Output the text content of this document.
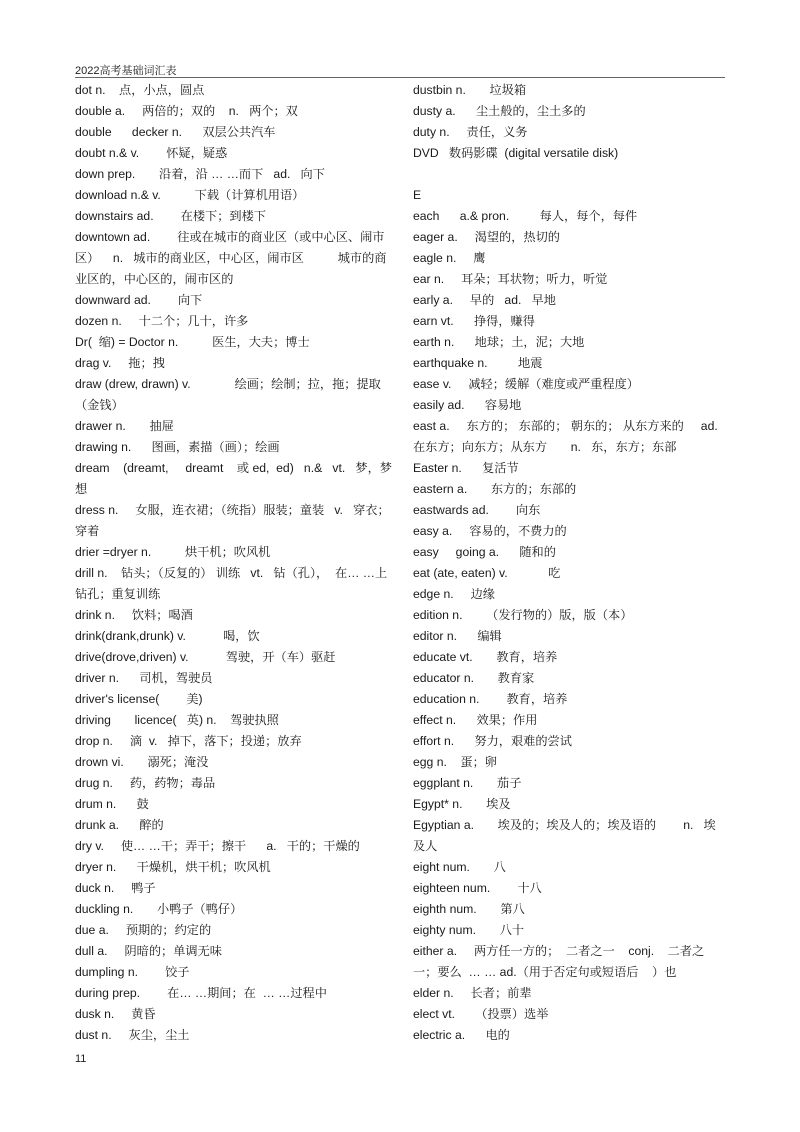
2022高考基础词汇表
dot n.    点，小点，圆点
double a.     两倍的；双的    n.   两个；双
double      decker n.      双层公共汽车
doubt n.& v.        怀疑，疑惑
down prep.       沿着，沿 … …而下   ad.   向下
download n.& v.          下载（计算机用语）
downstairs ad.        在楼下；到楼下
downtown ad.        往或在城市的商业区（或中心区、闹市区）    n.   城市的商业区，中心区，闹市区          城市的商业区的，中心区的，闹市区的
downward ad.        向下
dozen n.     十二个；几十，许多
Dr(  缩) = Doctor n.          医生，大夫；博士
drag v.     拖；拽
draw (drew, drawn) v.             绘画；绘制；拉，拖；提取（金钱）
drawer n.       抽屉
drawing n.      图画，素描（画）；绘画
dream    (dreamt,     dreamt    或 ed,  ed)   n.&   vt.   梦，梦想
dress n.     女服，连衣裙；（统指）服装；童装   v.   穿衣；穿着
drier =dryer n.          烘干机；吹风机
drill n.    钻头；（反复的） 训练   vt.   钻（孔），  在… …上钻孔；重复训练
drink n.     饮料；喝酒
drink(drank,drunk) v.           喝，饮
drive(drove,driven) v.           驾驶，开（车）驱赶
driver n.      司机，驾驶员
driver's license(        美)
driving       licence(   英) n.    驾驶执照
drop n.     滴  v.   掉下，落下；投递；放弃
drown vi.       溺死；淹没
drug n.     药，药物；毒品
drum n.      鼓
drunk a.      醉的
dry v.     使… …干；弄干；擦干      a.   干的；干燥的
dryer n.      干燥机，烘干机；吹风机
duck n.     鸭子
duckling n.       小鸭子（鸭仔）
due a.     预期的；约定的
dull a.     阴暗的；单调无味
dumpling n.        饺子
during prep.        在… …期间；在  … …过程中
dusk n.     黄昏
dust n.     灰尘，尘土
dustbin n.       垃圾箱
dusty a.      尘土般的，尘土多的
duty n.     责任，义务
DVD   数码影碟  (digital versatile disk)
E
each      a.& pron.         每人，每个，每件
eager a.     渴望的，热切的
eagle n.     鹰
ear n.     耳朵；耳状物；听力，听觉
early a.     早的   ad.   早地
earn vt.      挣得，赚得
earth n.      地球；土，泥；大地
earthquake n.         地震
ease v.     减轻；缓解（难度或严重程度）
easily ad.      容易地
east a.     东方的； 东部的； 朝东的； 从东方来的     ad.   在东方；向东方；从东方       n.   东，东方；东部
Easter n.      复活节
eastern a.       东方的；东部的
eastwards ad.        向东
easy a.     容易的，不费力的
easy     going a.      随和的
eat (ate, eaten) v.            吃
edge n.     边缘
edition n.       （发行物的）版，版（本）
editor n.      编辑
educate vt.       教育，培养
educator n.       教育家
education n.        教育，培养
effect n.      效果；作用
effort n.      努力，艰难的尝试
egg n.    蛋；卵
eggplant n.       茄子
Egypt* n.       埃及
Egyptian a.       埃及的；埃及人的；埃及语的        n.   埃及人
eight num.       八
eighteen num.        十八
eighth num.       第八
eighty num.       八十
either a.     两方任一方的；  二者之一    conj.    二者之一；要么  … … ad.（用于否定句或短语后    ）也
elder n.     长者；前辈
elect vt.      （投票）选举
electric a.      电的
11
